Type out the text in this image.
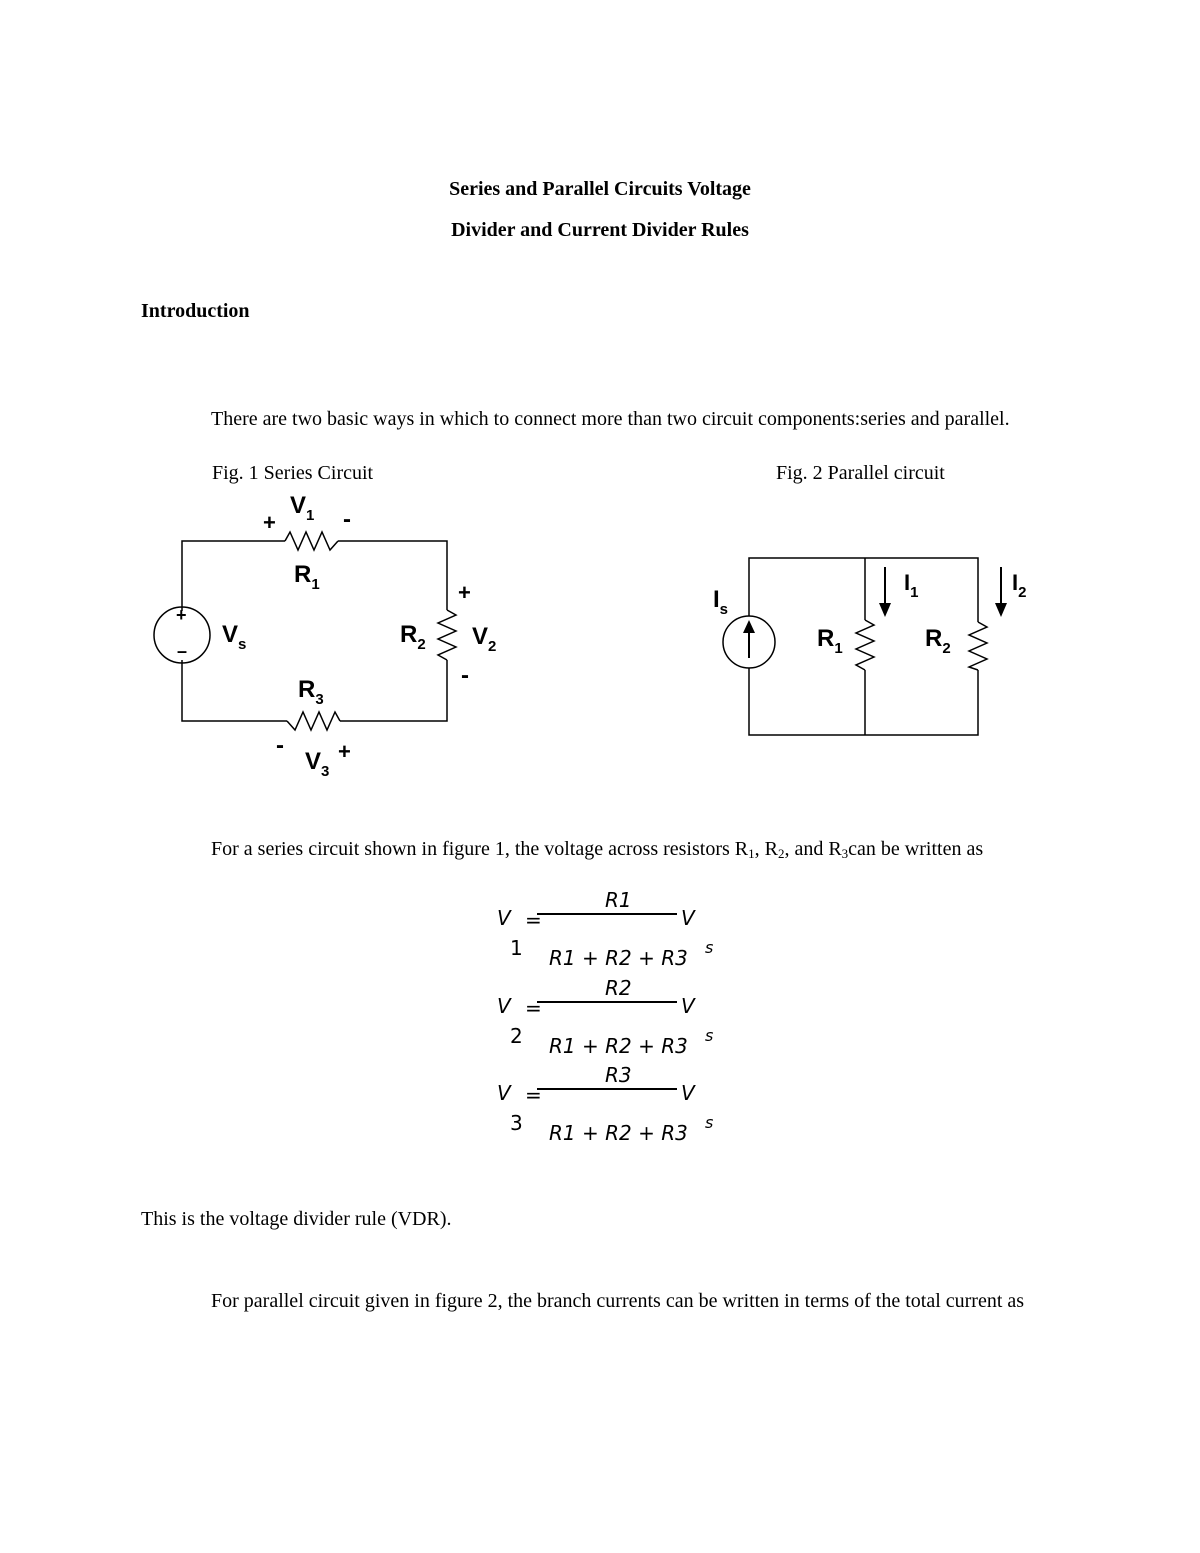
Series and Parallel Circuits Voltage
Divider and Current Divider Rules
Introduction

There are two basic ways in which to connect more than two circuit components:series and parallel.

Fig. 1 Series Circuit	Fig. 2 Parallel circuit
+
–
+	-
$V_1$
$R_1$	+
$R_2$ $V_2$
-
$V_s$
$R_3$
-
$V_3$
+
$I_s$
$I_1$	$I_2$
$R_1$	$R_2$

For a series circuit shown in figure 1, the voltage across resistors $R_1$, $R_2$, and $R_3can$ be written as

V
1
=
R1
R1 + R2 + R3
V
s
V
2
=
R2
R1 + R2 + R3
V
s
V
3
=
R3
R1 + R2 + R3
V
s

This is the voltage divider rule (VDR).

For parallel circuit given in figure 2, the branch currents can be written in terms of the total current as
